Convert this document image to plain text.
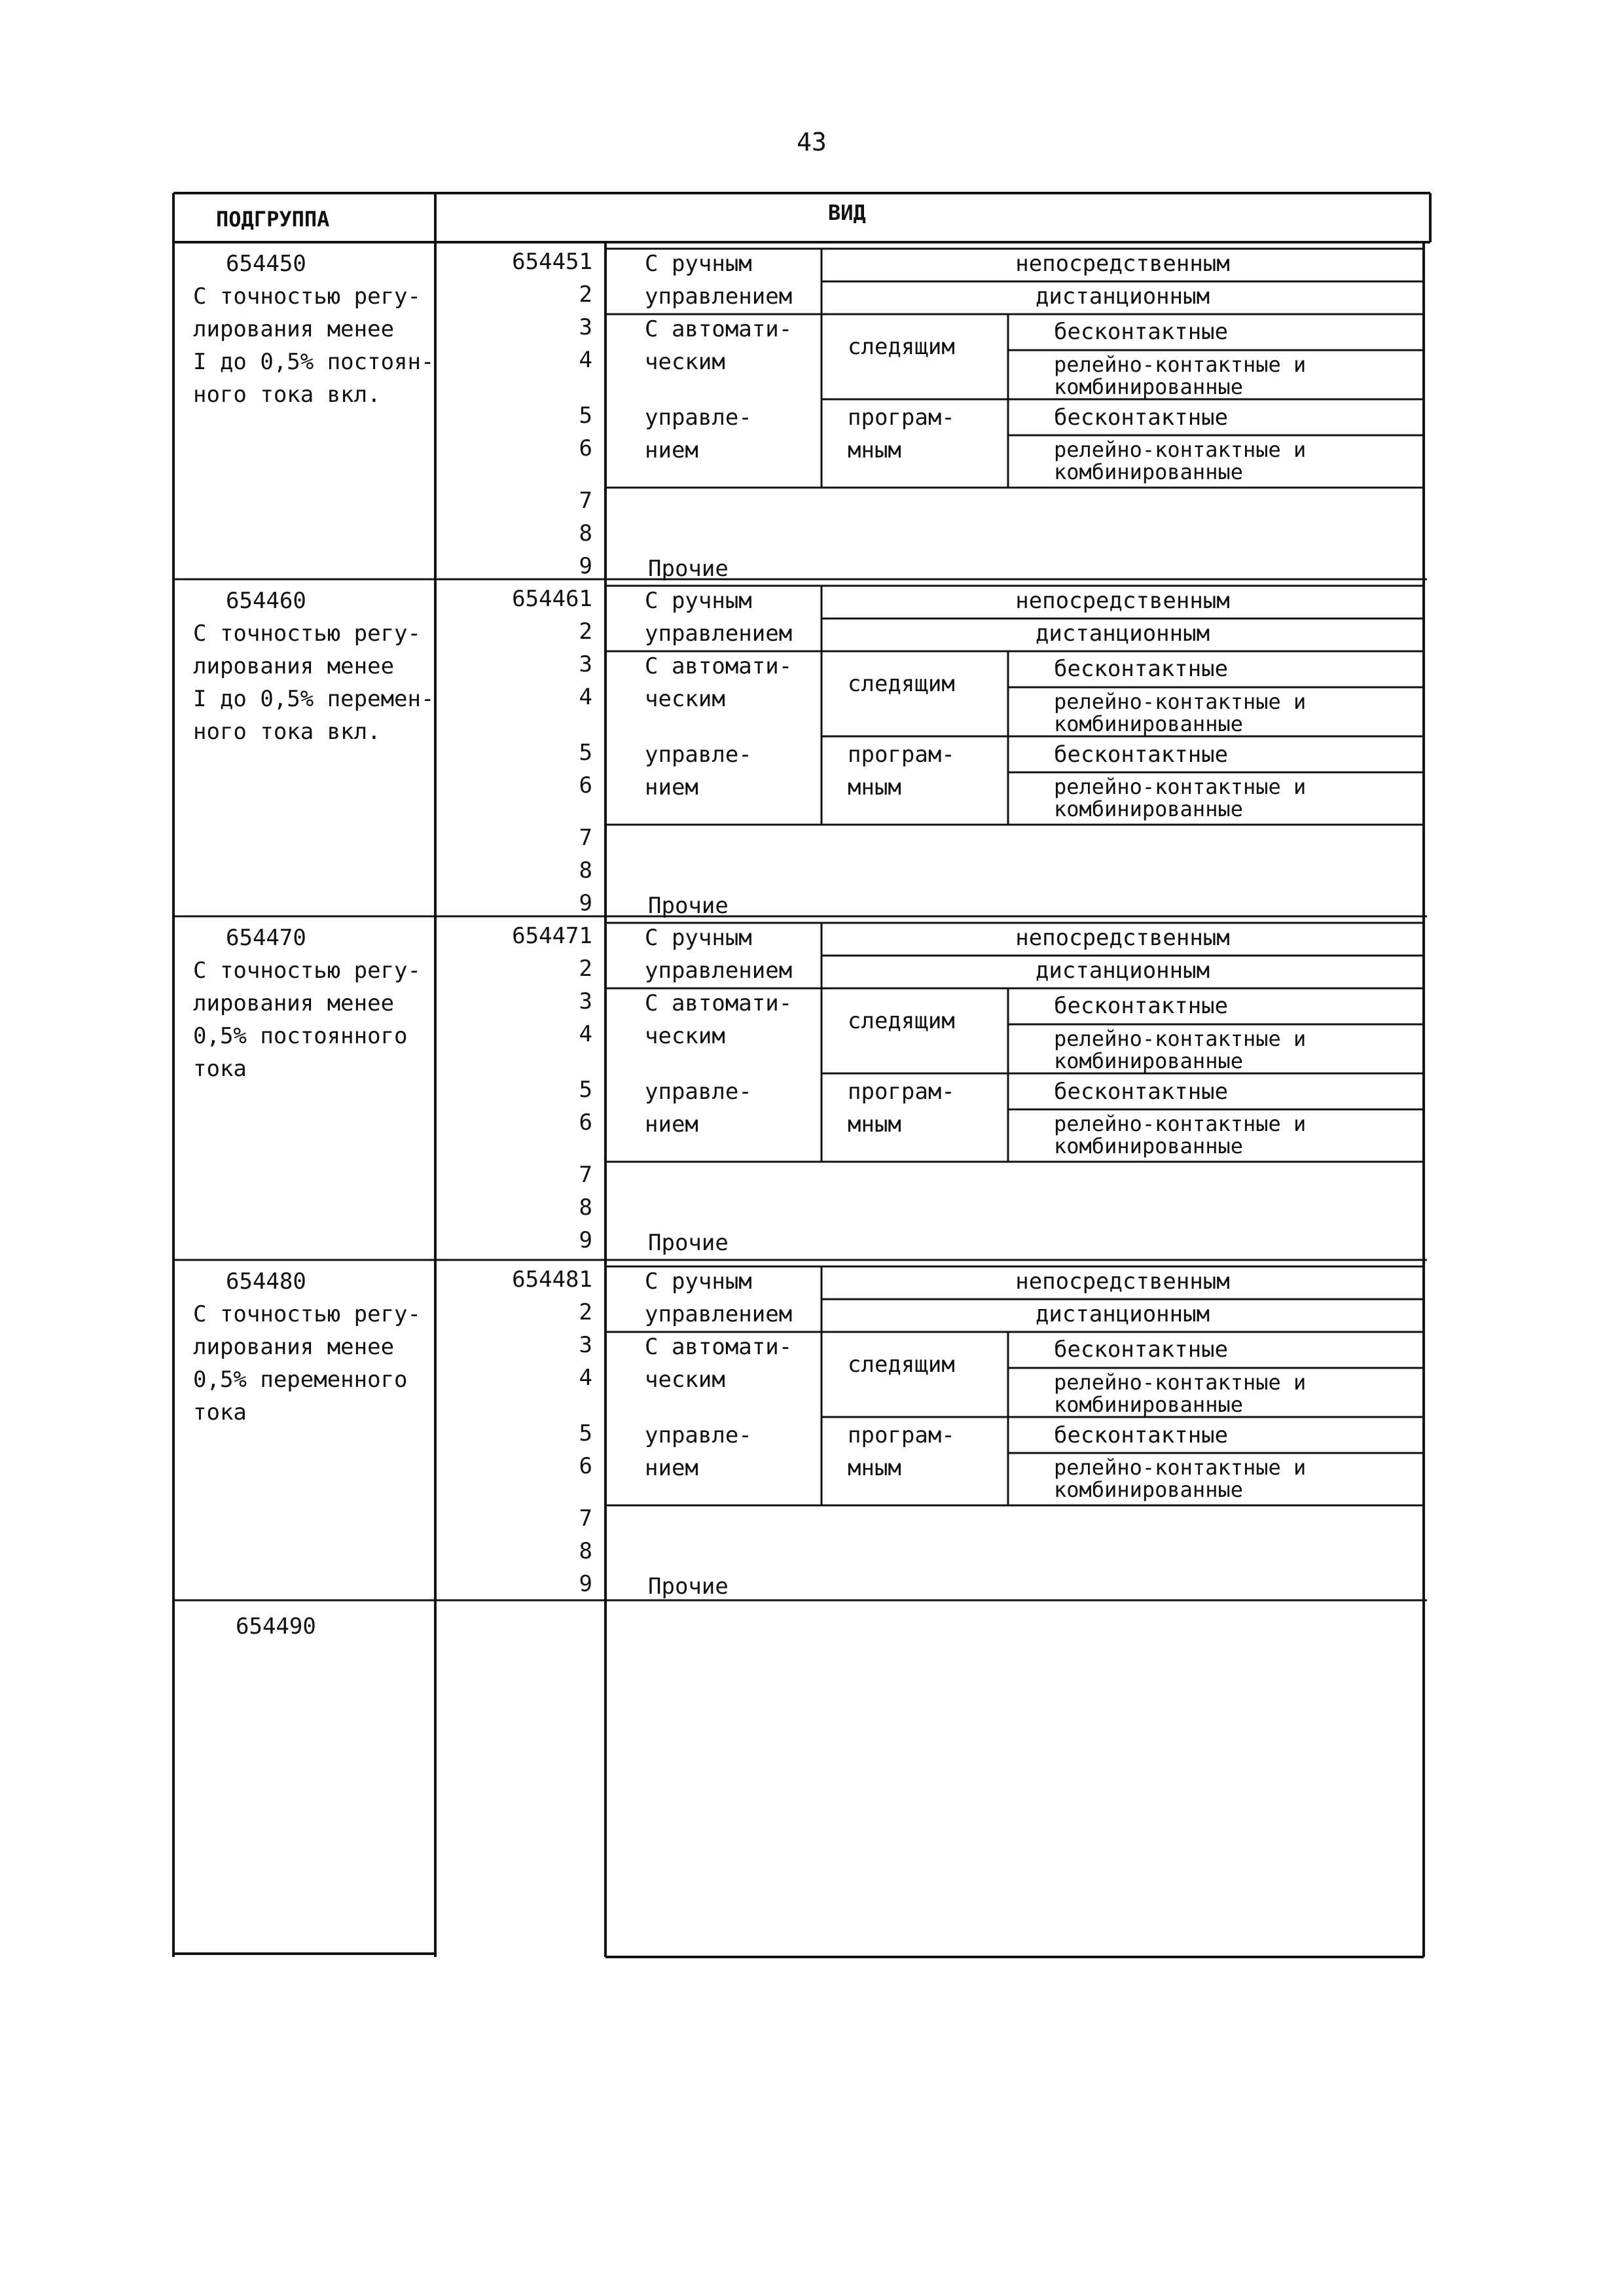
43
ПОДГРУППА	ВИД
654450
С точностью регу-
лирования менее
I до 0,5% постоян-
ного тока вкл.
654451
2
3
4
5
6
7
8
9
С ручным
управлением
непосредственным
дистанционным
С автомати-
ческим
управле-
нием
следящим
програм-
мным
бесконтактные
релейно-контактные и
комбинированные
бесконтактные
релейно-контактные и
комбинированные
Прочие
654460
С точностью регу-
лирования менее
I до 0,5% перемен-
ного тока вкл.
654461
2
3
4
5
6
7
8
9
С ручным
управлением
непосредственным
дистанционным
С автомати-
ческим
управле-
нием
следящим
програм-
мным
бесконтактные
релейно-контактные и
комбинированные
бесконтактные
релейно-контактные и
комбинированные
Прочие
654470
С точностью регу-
лирования менее
0,5% постоянного
тока
654471
2
3
4
5
6
7
8
9
С ручным
управлением
непосредственным
дистанционным
С автомати-
ческим
управле-
нием
следящим
програм-
мным
бесконтактные
релейно-контактные и
комбинированные
бесконтактные
релейно-контактные и
комбинированные
Прочие
654480
С точностью регу-
лирования менее
0,5% переменного
тока
654481
2
3
4
5
6
7
8
9
С ручным
управлением
непосредственным
дистанционным
С автомати-
ческим
управле-
нием
следящим
програм-
мным
бесконтактные
релейно-контактные и
комбинированные
бесконтактные
релейно-контактные и
комбинированные
Прочие
654490
